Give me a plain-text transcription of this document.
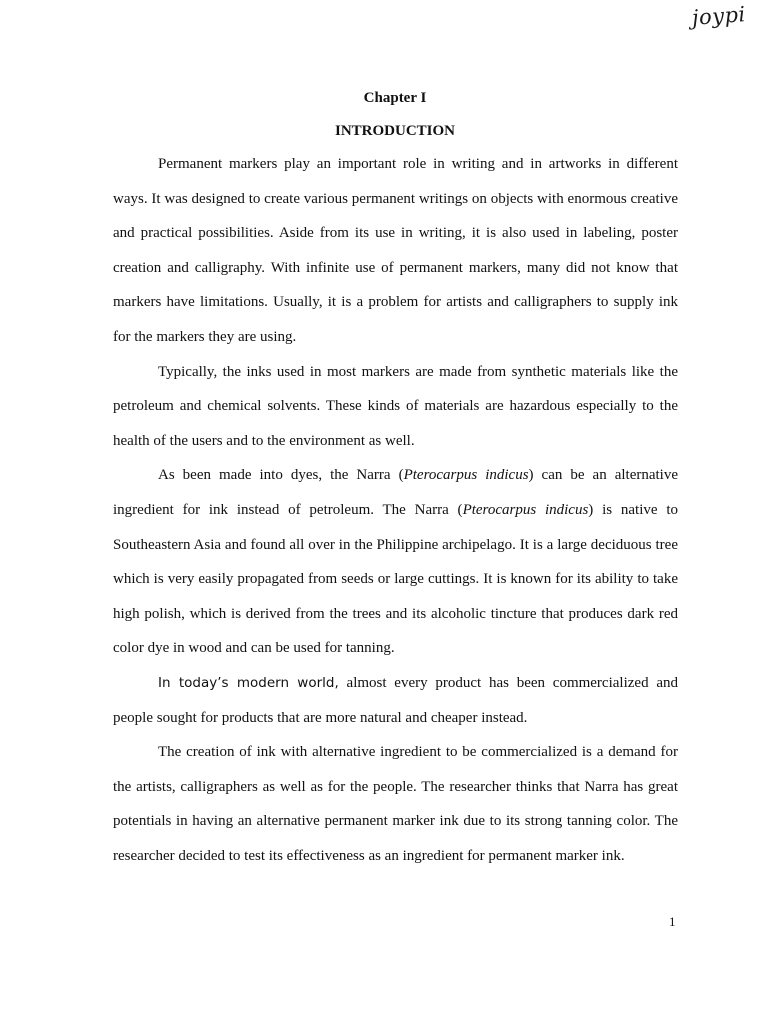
joypi
Chapter I
INTRODUCTION

Permanent markers play an important role in writing and in artworks in different ways. It was designed to create various permanent writings on objects with enormous creative and practical possibilities. Aside from its use in writing, it is also used in labeling, poster creation and calligraphy. With infinite use of permanent markers, many did not know that markers have limitations. Usually, it is a problem for artists and calligraphers to supply ink for the markers they are using.

Typically, the inks used in most markers are made from synthetic materials like the petroleum and chemical solvents. These kinds of materials are hazardous especially to the health of the users and to the environment as well.

As been made into dyes, the Narra (Pterocarpus indicus) can be an alternative ingredient for ink instead of petroleum. The Narra (Pterocarpus indicus) is native to Southeastern Asia and found all over in the Philippine archipelago. It is a large deciduous tree which is very easily propagated from seeds or large cuttings. It is known for its ability to take high polish, which is derived from the trees and its alcoholic tincture that produces dark red color dye in wood and can be used for tanning.

In today’s modern world, almost every product has been commercialized and people sought for products that are more natural and cheaper instead.

The creation of ink with alternative ingredient to be commercialized is a demand for the artists, calligraphers as well as for the people. The researcher thinks that Narra has great potentials in having an alternative permanent marker ink due to its strong tanning color. The researcher decided to test its effectiveness as an ingredient for permanent marker ink.

1
